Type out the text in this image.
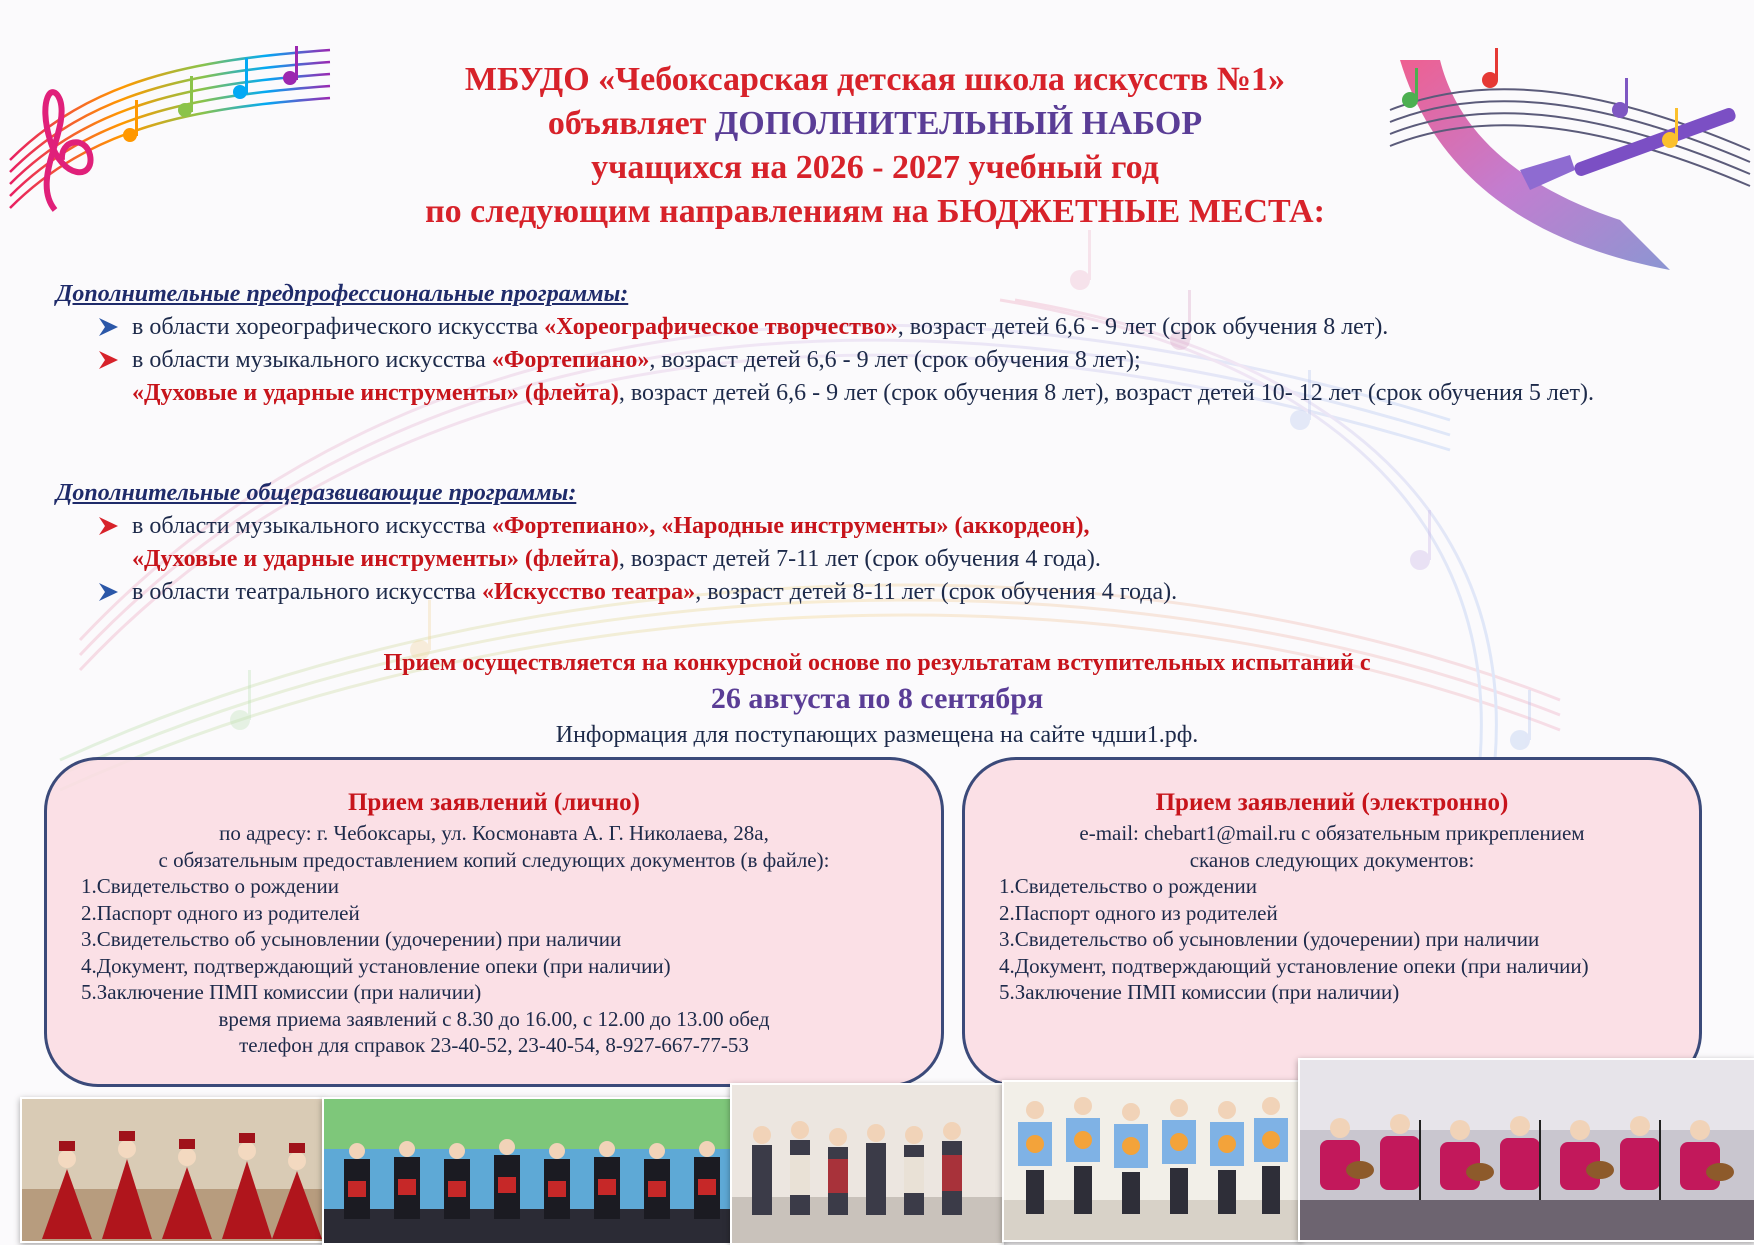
МБУДО «Чебоксарская детская школа искусств №1»
объявляет ДОПОЛНИТЕЛЬНЫЙ НАБОР
учащихся на 2026 - 2027 учебный год
по следующим направлениям на БЮДЖЕТНЫЕ МЕСТА:
Дополнительные предпрофессиональные программы:
в области хореографического искусства «Хореографическое творчество», возраст детей 6,6 - 9 лет (срок обучения 8 лет).
в области музыкального искусства «Фортепиано», возраст детей 6,6 - 9 лет (срок обучения 8 лет);
«Духовые и ударные инструменты» (флейта), возраст детей 6,6 - 9 лет (срок обучения 8 лет), возраст детей 10- 12 лет (срок обучения 5 лет).
Дополнительные общеразвивающие программы:
в области музыкального искусства «Фортепиано», «Народные инструменты» (аккордеон),
«Духовые и ударные инструменты» (флейта), возраст детей 7-11 лет (срок обучения 4 года).
в области театрального искусства «Искусство театра», возраст детей 8-11 лет (срок обучения 4 года).
Прием осуществляется на конкурсной основе по результатам вступительных испытаний с
26 августа по 8 сентября
Информация для поступающих размещена на сайте чдши1.рф.
Прием заявлений (лично)
по адресу: г. Чебоксары, ул. Космонавта А. Г. Николаева, 28а,
с обязательным предоставлением копий следующих документов (в файле):
1.Свидетельство о рождении
2.Паспорт одного из родителей
3.Свидетельство об усыновлении (удочерении) при наличии
4.Документ, подтверждающий установление опеки (при наличии)
5.Заключение ПМП комиссии (при наличии)
время приема заявлений с 8.30 до 16.00, с 12.00 до 13.00 обед
телефон для справок 23-40-52, 23-40-54, 8-927-667-77-53
Прием заявлений (электронно)
e-mail: chebart1@mail.ru с обязательным прикреплением
сканов следующих документов:
1.Свидетельство о рождении
2.Паспорт одного из родителей
3.Свидетельство об усыновлении (удочерении) при наличии
4.Документ, подтверждающий установление опеки (при наличии)
5.Заключение ПМП комиссии (при наличии)
